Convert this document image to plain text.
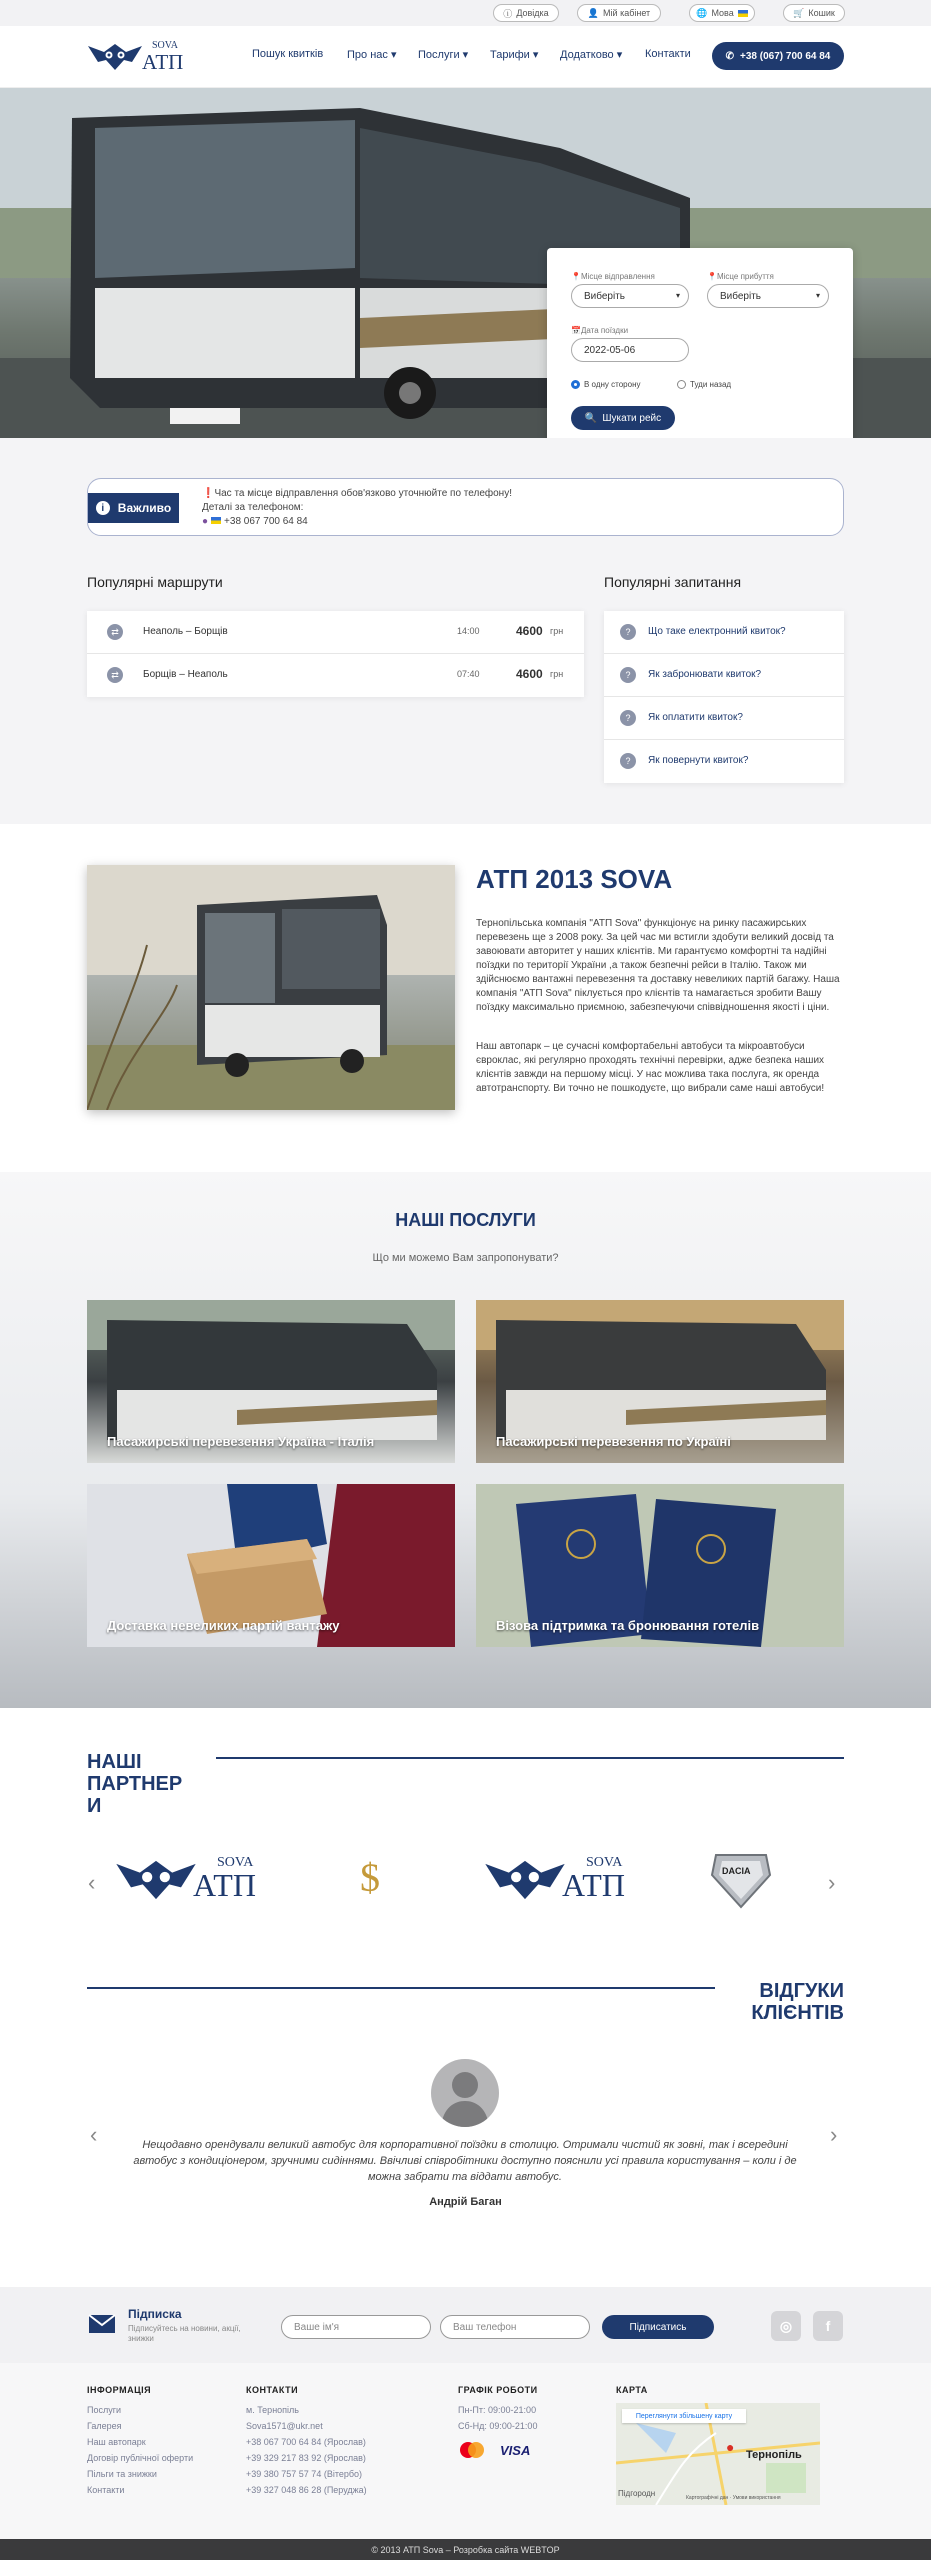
ⓘ Довідка	👤 Мій кабінет	🌐 Мова	🛒 Кошик
SOVA
АТП	Пошук квитків Про нас ▾ Послуги ▾ Тарифи ▾ Додатково ▾ Контакти	✆ +38 (067) 700 64 84
📍Місце відправлення	📍Місце прибуття
Виберіть	▾	Виберіть	▾
📅Дата поїздки
2022-05-06
В одну сторону	Туди назад
🔍 Шукати рейс
i	Важливо
❗Час та місце відправлення обов'язково уточнюйте по телефону!
Деталі за телефоном:
● +38 067 700 64 84
Популярні маршрути
⇄	Неаполь – Борщів	14:00	4600 грн
⇄	Борщів – Неаполь	07:40	4600 грн
Популярні запитання
?	Що таке електронний квиток?
?	Як забронювати квиток?
?	Як оплатити квиток?
?	Як повернути квиток?
АТП 2013 SOVA
Тернопільська компанія "АТП Sova" функціонує на ринку пасажирських перевезень ще з 2008 року. За цей час ми встигли здобути великий досвід та завоювати авторитет у наших клієнтів. Ми гарантуємо комфортні та надійні поїздки по території України ,а також безпечні рейси в Італію. Також ми здійснюємо вантажні перевезення та доставку невеликих партій багажу. Наша компанія "АТП Sova" піклується про клієнтів та намагається зробити Вашу поїздку максимально приємною, забезпечуючи співвідношення якості і ціни.
Наш автопарк – це сучасні комфортабельні автобуси та мікроавтобуси євроклас, які регулярно проходять технічні перевірки, адже безпека наших клієнтів завжди на першому місці. У нас можлива така послуга, як оренда автотранспорту. Ви точно не пошкодуєте, що вибрали саме наші автобуси!
НАШІ ПОСЛУГИ
Що ми можемо Вам запропонувати?
Пасажирські перевезення Україна - Італія	Пасажирські перевезення по Україні
Доставка невеликих партій вантажу	Візова підтримка та бронювання готелів
НАШІ ПАРТНЕР И
‹	›
SOVA
АТП	$	SOVA
АТП	DACIA
ВІДГУКИ КЛІЄНТІВ
‹	›
Нещодавно орендували великий автобус для корпоративної поїздки в столицю. Отримали чистий як зовні, так і всередині автобус з кондиціонером, зручними сидіннями. Ввічливі співробітники доступно пояснили усі правила користування – коли і де можна забрати та віддати автобус.
Андрій Баган
Підписка
Підписуйтесь на новини, акції, знижки
Ваше ім'я	Ваш телефон	Підписатись	◎	f
ІНФОРМАЦІЯ
Послуги
Галерея
Наш автопарк
Договір публічної оферти
Пільги та знижки
Контакти
КОНТАКТИ
м. Тернопіль
Sova1571@ukr.net
+38 067 700 64 84 (Ярослав)
+39 329 217 83 92 (Ярослав)
+39 380 757 57 74 (Вітербо)
+39 327 048 86 28 (Перуджа)
ГРАФІК РОБОТИ
Пн-Пт: 09:00-21:00
Сб-Нд: 09:00-21:00
VISA
КАРТА
Переглянути збільшену карту
Тернопіль
Підгородн	Картографічні дан · Умови використання
●
© 2013 АТП Sova – Розробка сайта WEBTOP
